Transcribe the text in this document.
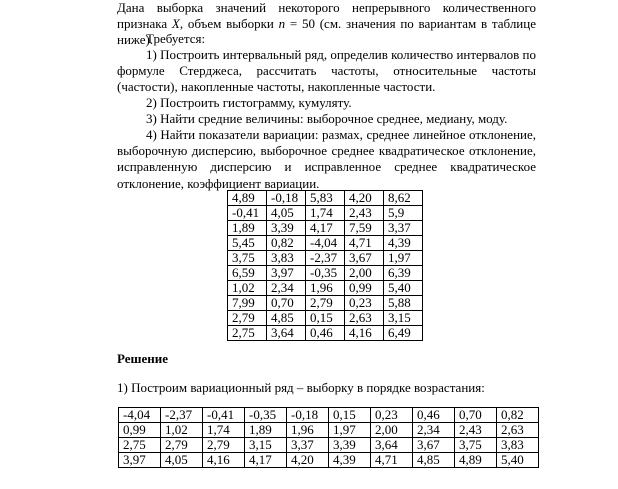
Дана выборка значений некоторого непрерывного количественного признака X, объем выборки n = 50 (см. значения по вариантам в таблице ниже).
Требуется:
1) Построить интервальный ряд, определив количество интервалов по формуле Стерджеса, рассчитать частоты, относительные частоты (частости), накопленные частоты, накопленные частости.
2) Построить гистограмму, кумуляту.
3) Найти средние величины: выборочное среднее, медиану, моду.
4) Найти показатели вариации: размах, среднее линейное отклонение, выборочную дисперсию, выборочное среднее квадратическое отклонение, исправленную дисперсию и исправленное среднее квадратическое отклонение, коэффициент вариации.
4,89	-0,18	5,83	4,20	8,62
-0,41	4,05	1,74	2,43	5,9
1,89	3,39	4,17	7,59	3,37
5,45	0,82	-4,04	4,71	4,39
3,75	3,83	-2,37	3,67	1,97
6,59	3,97	-0,35	2,00	6,39
1,02	2,34	1,96	0,99	5,40
7,99	0,70	2,79	0,23	5,88
2,79	4,85	0,15	2,63	3,15
2,75	3,64	0,46	4,16	6,49
Решение
1) Построим вариационный ряд – выборку в порядке возрастания:
-4,04	-2,37	-0,41	-0,35	-0,18	0,15	0,23	0,46	0,70	0,82
0,99	1,02	1,74	1,89	1,96	1,97	2,00	2,34	2,43	2,63
2,75	2,79	2,79	3,15	3,37	3,39	3,64	3,67	3,75	3,83
3,97	4,05	4,16	4,17	4,20	4,39	4,71	4,85	4,89	5,40
